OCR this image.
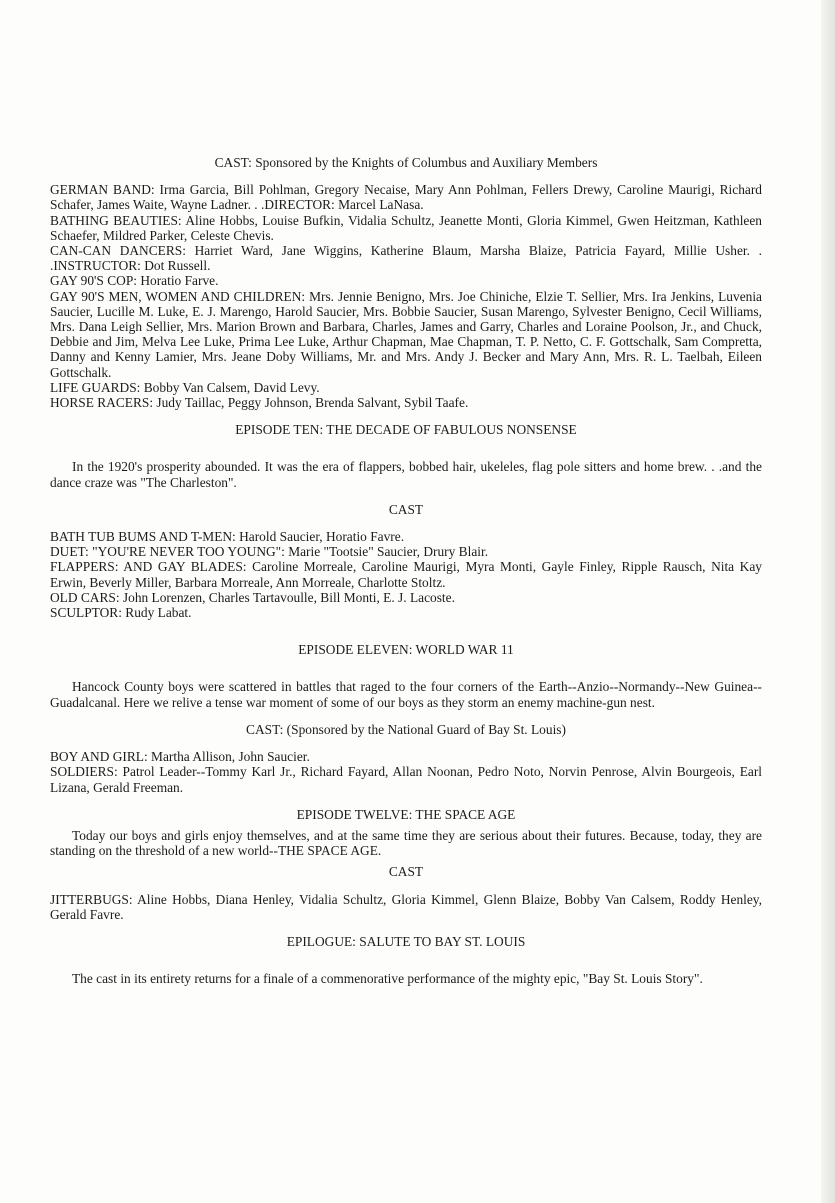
CAST: Sponsored by the Knights of Columbus and Auxiliary Members

GERMAN BAND: Irma Garcia, Bill Pohlman, Gregory Necaise, Mary Ann Pohlman, Fellers Drewy, Caroline Maurigi, Richard Schafer, James Waite, Wayne Ladner. . .DIRECTOR: Marcel LaNasa.

BATHING BEAUTIES: Aline Hobbs, Louise Bufkin, Vidalia Schultz, Jeanette Monti, Gloria Kimmel, Gwen Heitzman, Kathleen Schaefer, Mildred Parker, Celeste Chevis.

CAN-CAN DANCERS: Harriet Ward, Jane Wiggins, Katherine Blaum, Marsha Blaize, Patricia Fayard, Millie Usher. . .INSTRUCTOR: Dot Russell.

GAY 90'S COP: Horatio Farve.

GAY 90'S MEN, WOMEN AND CHILDREN: Mrs. Jennie Benigno, Mrs. Joe Chiniche, Elzie T. Sellier, Mrs. Ira Jenkins, Luvenia Saucier, Lucille M. Luke, E. J. Marengo, Harold Saucier, Mrs. Bobbie Saucier, Susan Marengo, Sylvester Benigno, Cecil Williams, Mrs. Dana Leigh Sellier, Mrs. Marion Brown and Barbara, Charles, James and Garry, Charles and Loraine Poolson, Jr., and Chuck, Debbie and Jim, Melva Lee Luke, Prima Lee Luke, Arthur Chapman, Mae Chapman, T. P. Netto, C. F. Gottschalk, Sam Compretta, Danny and Kenny Lamier, Mrs. Jeane Doby Williams, Mr. and Mrs. Andy J. Becker and Mary Ann, Mrs. R. L. Taelbah, Eileen Gottschalk.

LIFE GUARDS: Bobby Van Calsem, David Levy.

HORSE RACERS: Judy Taillac, Peggy Johnson, Brenda Salvant, Sybil Taafe.

EPISODE TEN: THE DECADE OF FABULOUS NONSENSE

In the 1920's prosperity abounded. It was the era of flappers, bobbed hair, ukeleles, flag pole sitters and home brew. . .and the dance craze was "The Charleston".

CAST

BATH TUB BUMS AND T-MEN: Harold Saucier, Horatio Favre.

DUET: "YOU'RE NEVER TOO YOUNG": Marie "Tootsie" Saucier, Drury Blair.

FLAPPERS: AND GAY BLADES: Caroline Morreale, Caroline Maurigi, Myra Monti, Gayle Finley, Ripple Rausch, Nita Kay Erwin, Beverly Miller, Barbara Morreale, Ann Morreale, Charlotte Stoltz.

OLD CARS: John Lorenzen, Charles Tartavoulle, Bill Monti, E. J. Lacoste.

SCULPTOR: Rudy Labat.

EPISODE ELEVEN: WORLD WAR 11

Hancock County boys were scattered in battles that raged to the four corners of the Earth--Anzio--Normandy--New Guinea--Guadalcanal. Here we relive a tense war moment of some of our boys as they storm an enemy machine-gun nest.

CAST: (Sponsored by the National Guard of Bay St. Louis)

BOY AND GIRL: Martha Allison, John Saucier.

SOLDIERS: Patrol Leader--Tommy Karl Jr., Richard Fayard, Allan Noonan, Pedro Noto, Norvin Penrose, Alvin Bourgeois, Earl Lizana, Gerald Freeman.

EPISODE TWELVE: THE SPACE AGE

Today our boys and girls enjoy themselves, and at the same time they are serious about their futures. Because, today, they are standing on the threshold of a new world--THE SPACE AGE.

CAST

JITTERBUGS: Aline Hobbs, Diana Henley, Vidalia Schultz, Gloria Kimmel, Glenn Blaize, Bobby Van Calsem, Roddy Henley, Gerald Favre.

EPILOGUE: SALUTE TO BAY ST. LOUIS

The cast in its entirety returns for a finale of a commenorative performance of the mighty epic, "Bay St. Louis Story".
